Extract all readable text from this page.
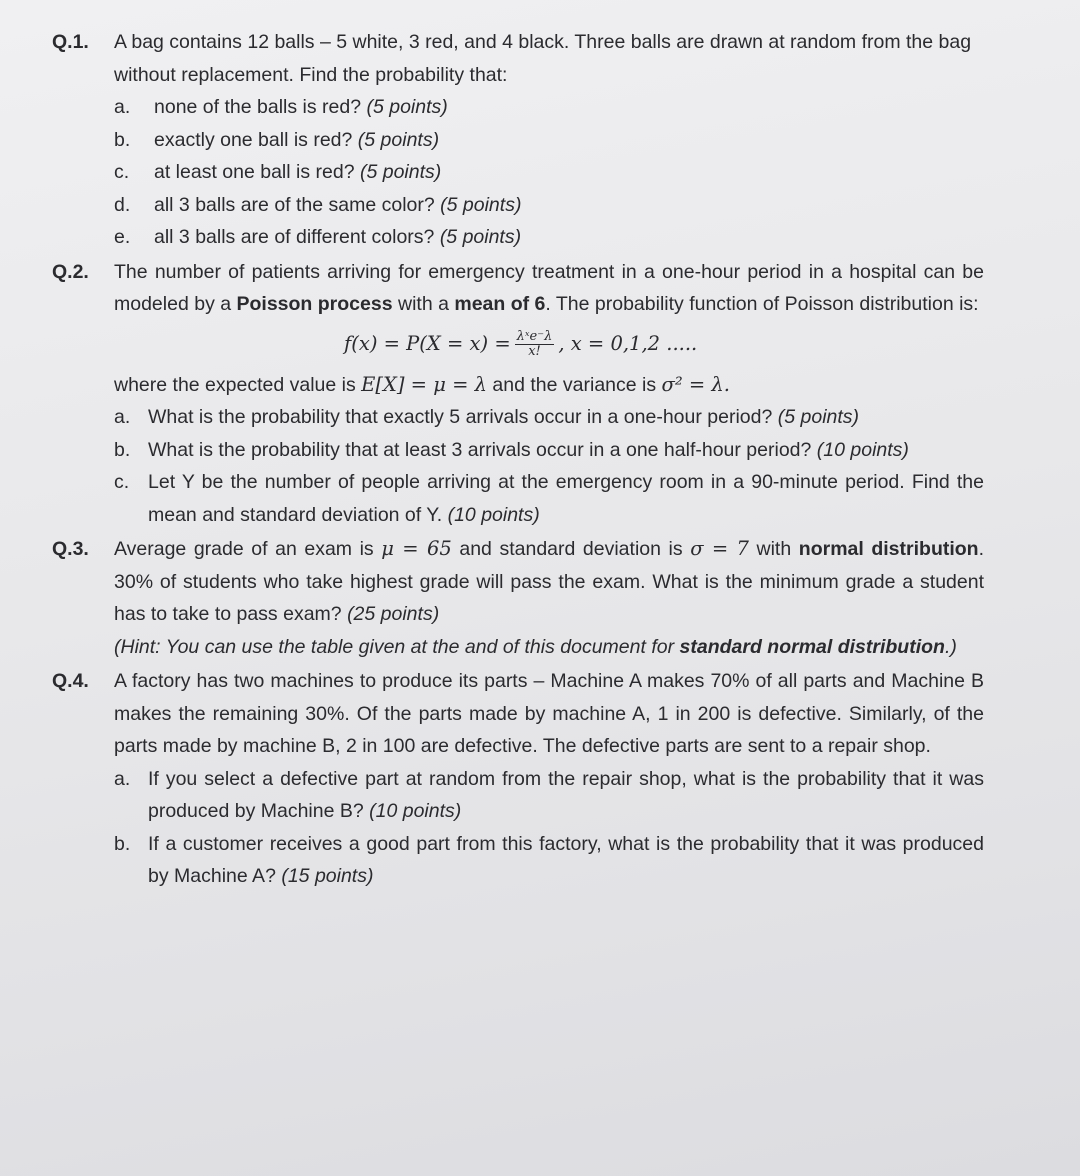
Q.1. A bag contains 12 balls – 5 white, 3 red, and 4 black. Three balls are drawn at random from the bag without replacement. Find the probability that:
a. none of the balls is red? (5 points)
b. exactly one ball is red? (5 points)
c. at least one ball is red? (5 points)
d. all 3 balls are of the same color? (5 points)
e. all 3 balls are of different colors? (5 points)
Q.2. The number of patients arriving for emergency treatment in a one-hour period in a hospital can be modeled by a Poisson process with a mean of 6. The probability function of Poisson distribution is:
$f(x) = P(X = x) = \frac{\text{λˣe⁻λ}}{x!}$ , x = 0,1,2 .....
where the expected value is E[X] = μ = λ and the variance is σ² = λ.
a. What is the probability that exactly 5 arrivals occur in a one-hour period? (5 points)
b. What is the probability that at least 3 arrivals occur in a one half-hour period? (10 points)
c. Let Y be the number of people arriving at the emergency room in a 90-minute period. Find the mean and standard deviation of Y. (10 points)
Q.3. Average grade of an exam is μ = 65 and standard deviation is σ = 7 with normal distribution. 30% of students who take highest grade will pass the exam. What is the minimum grade a student has to take to pass exam? (25 points)
(Hint: You can use the table given at the and of this document for standard normal distribution.)
Q.4. A factory has two machines to produce its parts – Machine A makes 70% of all parts and Machine B makes the remaining 30%. Of the parts made by machine A, 1 in 200 is defective. Similarly, of the parts made by machine B, 2 in 100 are defective. The defective parts are sent to a repair shop.
a. If you select a defective part at random from the repair shop, what is the probability that it was produced by Machine B? (10 points)
b. If a customer receives a good part from this factory, what is the probability that it was produced by Machine A? (15 points)
